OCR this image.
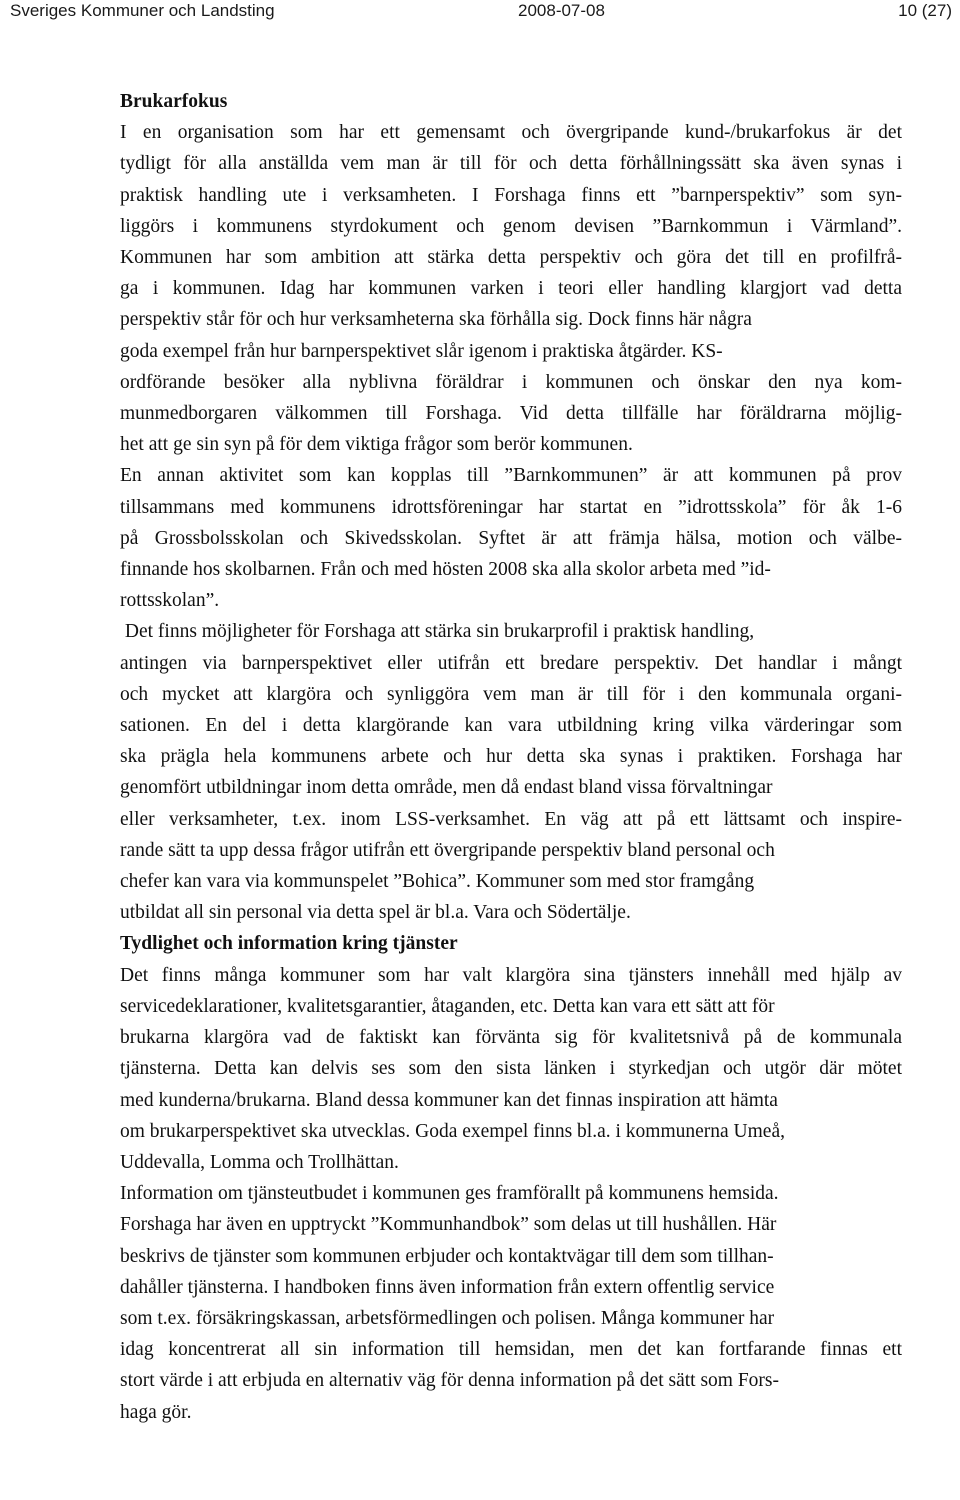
Sveriges Kommuner och Landsting	2008-07-08	10 (27)
Brukarfokus

I en organisation som har ett gemensamt och övergripande kund-/brukarfokus är det
tydligt för alla anställda vem man är till för och detta förhållningssätt ska även synas i
praktisk handling ute i verksamheten. I Forshaga finns ett ”barnperspektiv” som syn-
liggörs i kommunens styrdokument och genom devisen ”Barnkommun i Värmland”.
Kommunen har som ambition att stärka detta perspektiv och göra det till en profilfrå-
ga i kommunen. Idag har kommunen varken i teori eller handling klargjort vad detta
perspektiv står för och hur verksamheterna ska förhålla sig. Dock finns här några
goda exempel från hur barnperspektivet slår igenom i praktiska åtgärder. KS-
ordförande besöker alla nyblivna föräldrar i kommunen och önskar den nya kom-
munmedborgaren välkommen till Forshaga. Vid detta tillfälle har föräldrarna möjlig-
het att ge sin syn på för dem viktiga frågor som berör kommunen.

En annan aktivitet som kan kopplas till ”Barnkommunen” är att kommunen på prov
tillsammans med kommunens idrottsföreningar har startat en ”idrottsskola” för åk 1-6
på Grossbolsskolan och Skivedsskolan. Syftet är att främja hälsa, motion och välbe-
finnande hos skolbarnen. Från och med hösten 2008 ska alla skolor arbeta med ”id-
rottsskolan”.

Det finns möjligheter för Forshaga att stärka sin brukarprofil i praktisk handling,
antingen via barnperspektivet eller utifrån ett bredare perspektiv. Det handlar i mångt
och mycket att klargöra och synliggöra vem man är till för i den kommunala organi-
sationen. En del i detta klargörande kan vara utbildning kring vilka värderingar som
ska prägla hela kommunens arbete och hur detta ska synas i praktiken. Forshaga har
genomfört utbildningar inom detta område, men då endast bland vissa förvaltningar
eller verksamheter, t.ex. inom LSS-verksamhet. En väg att på ett lättsamt och inspire-
rande sätt ta upp dessa frågor utifrån ett övergripande perspektiv bland personal och
chefer kan vara via kommunspelet ”Bohica”. Kommuner som med stor framgång
utbildat all sin personal via detta spel är bl.a. Vara och Södertälje.

Tydlighet och information kring tjänster

Det finns många kommuner som har valt klargöra sina tjänsters innehåll med hjälp av
servicedeklarationer, kvalitetsgarantier, åtaganden, etc. Detta kan vara ett sätt att för
brukarna klargöra vad de faktiskt kan förvänta sig för kvalitetsnivå på de kommunala
tjänsterna. Detta kan delvis ses som den sista länken i styrkedjan och utgör där mötet
med kunderna/brukarna. Bland dessa kommuner kan det finnas inspiration att hämta
om brukarperspektivet ska utvecklas. Goda exempel finns bl.a. i kommunerna Umeå,
Uddevalla, Lomma och Trollhättan.

Information om tjänsteutbudet i kommunen ges framförallt på kommunens hemsida.
Forshaga har även en upptryckt ”Kommunhandbok” som delas ut till hushållen. Här
beskrivs de tjänster som kommunen erbjuder och kontaktvägar till dem som tillhan-
dahåller tjänsterna. I handboken finns även information från extern offentlig service
som t.ex. försäkringskassan, arbetsförmedlingen och polisen. Många kommuner har
idag koncentrerat all sin information till hemsidan, men det kan fortfarande finnas ett
stort värde i att erbjuda en alternativ väg för denna information på det sätt som Fors-
haga gör.
